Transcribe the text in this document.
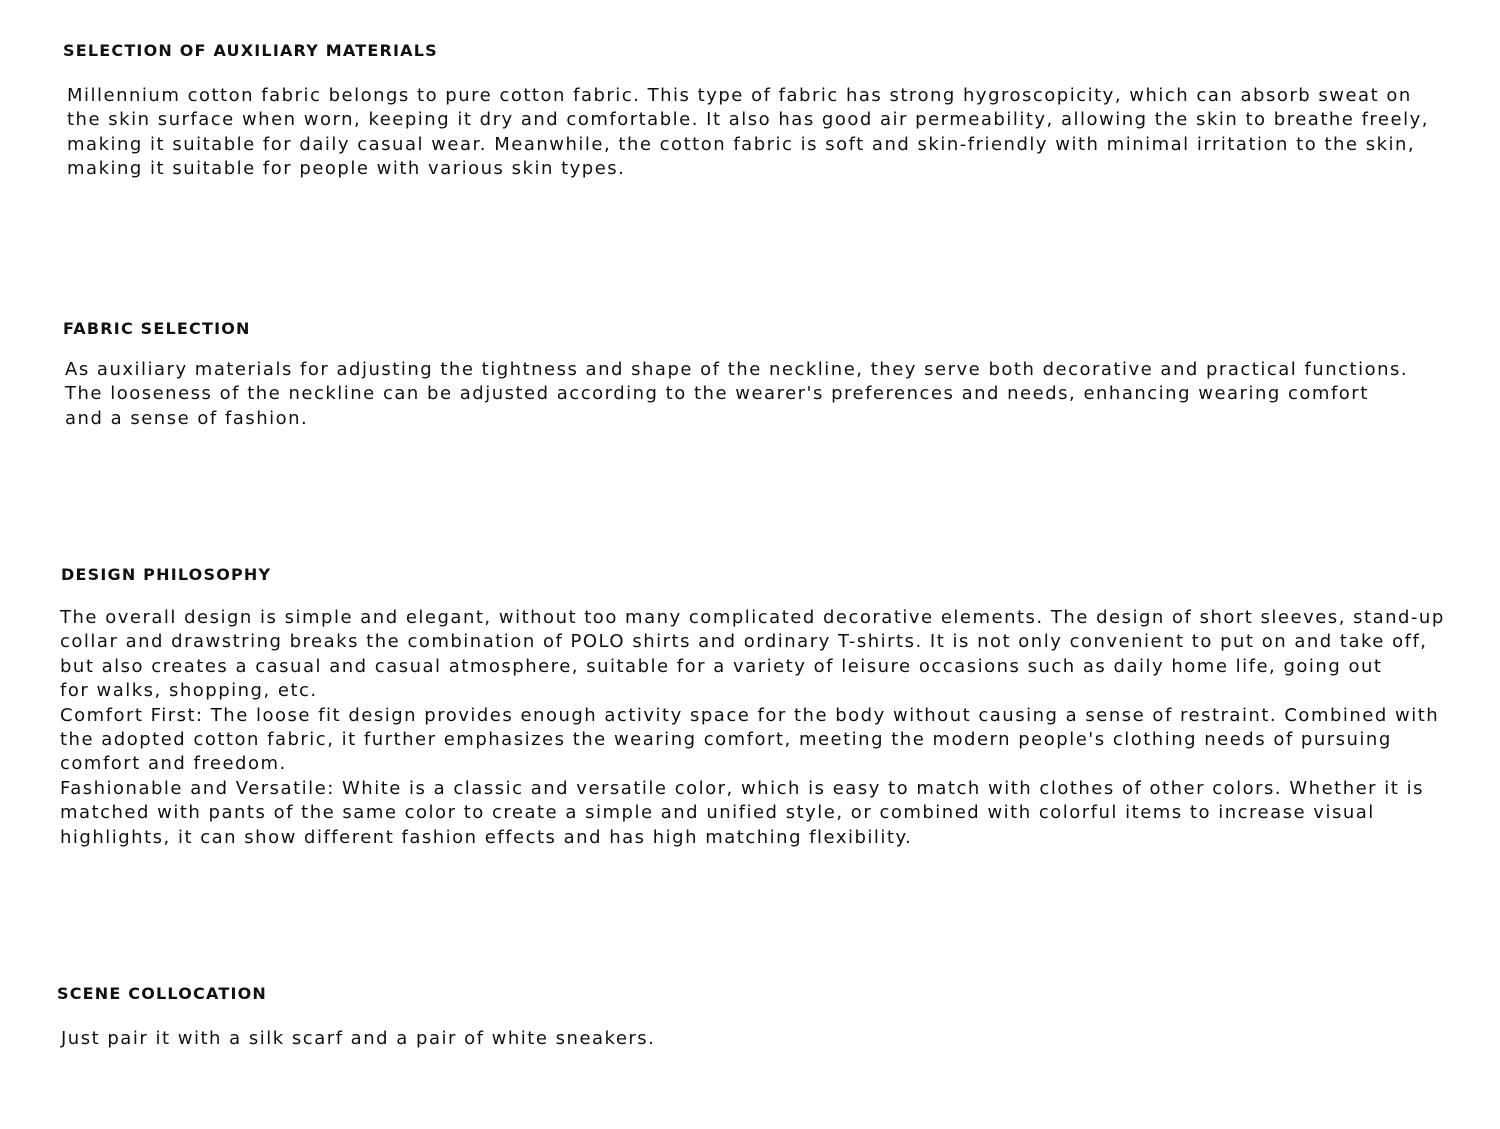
SELECTION OF AUXILIARY MATERIALS
Millennium cotton fabric belongs to pure cotton fabric. This type of fabric has strong hygroscopicity, which can absorb sweat on
the skin surface when worn, keeping it dry and comfortable. It also has good air permeability, allowing the skin to breathe freely,
making it suitable for daily casual wear. Meanwhile, the cotton fabric is soft and skin-friendly with minimal irritation to the skin,
making it suitable for people with various skin types.
FABRIC SELECTION
As auxiliary materials for adjusting the tightness and shape of the neckline, they serve both decorative and practical functions.
The looseness of the neckline can be adjusted according to the wearer's preferences and needs, enhancing wearing comfort
and a sense of fashion.
DESIGN PHILOSOPHY
The overall design is simple and elegant, without too many complicated decorative elements. The design of short sleeves, stand-up
collar and drawstring breaks the combination of POLO shirts and ordinary T-shirts. It is not only convenient to put on and take off,
but also creates a casual and casual atmosphere, suitable for a variety of leisure occasions such as daily home life, going out
for walks, shopping, etc.
Comfort First: The loose fit design provides enough activity space for the body without causing a sense of restraint. Combined with
the adopted cotton fabric, it further emphasizes the wearing comfort, meeting the modern people's clothing needs of pursuing
comfort and freedom.
Fashionable and Versatile: White is a classic and versatile color, which is easy to match with clothes of other colors. Whether it is
matched with pants of the same color to create a simple and unified style, or combined with colorful items to increase visual
highlights, it can show different fashion effects and has high matching flexibility.
SCENE COLLOCATION
Just pair it with a silk scarf and a pair of white sneakers.
